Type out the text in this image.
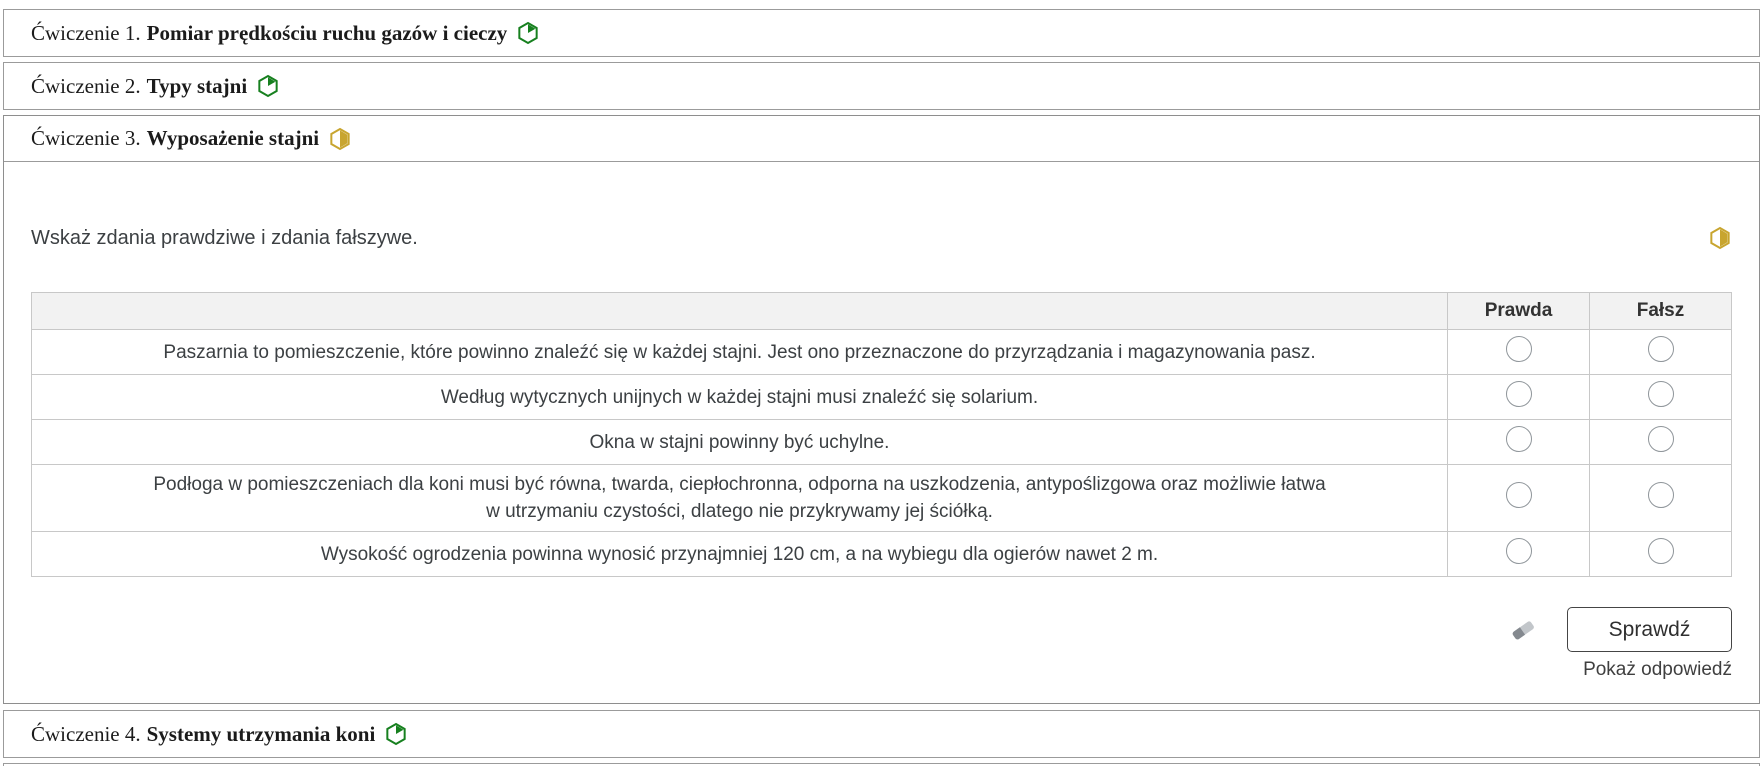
Ćwiczenie 1. Pomiar prędkościu ruchu gazów i cieczy
Ćwiczenie 2. Typy stajni
Ćwiczenie 3. Wyposażenie stajni
Wskaż zdania prawdziwe i zdania fałszywe.
	Prawda	Fałsz
Paszarnia to pomieszczenie, które powinno znaleźć się w każdej stajni. Jest ono przeznaczone do przyrządzania i magazynowania pasz.		
Według wytycznych unijnych w każdej stajni musi znaleźć się solarium.		
Okna w stajni powinny być uchylne.		
Podłoga w pomieszczeniach dla koni musi być równa, twarda, ciepłochronna, odporna na uszkodzenia, antypoślizgowa oraz możliwie łatwa w utrzymaniu czystości, dlatego nie przykrywamy jej ściółką.		
Wysokość ogrodzenia powinna wynosić przynajmniej 120 cm, a na wybiegu dla ogierów nawet 2 m.		
Sprawdź
Pokaż odpowiedź
Ćwiczenie 4. Systemy utrzymania koni
